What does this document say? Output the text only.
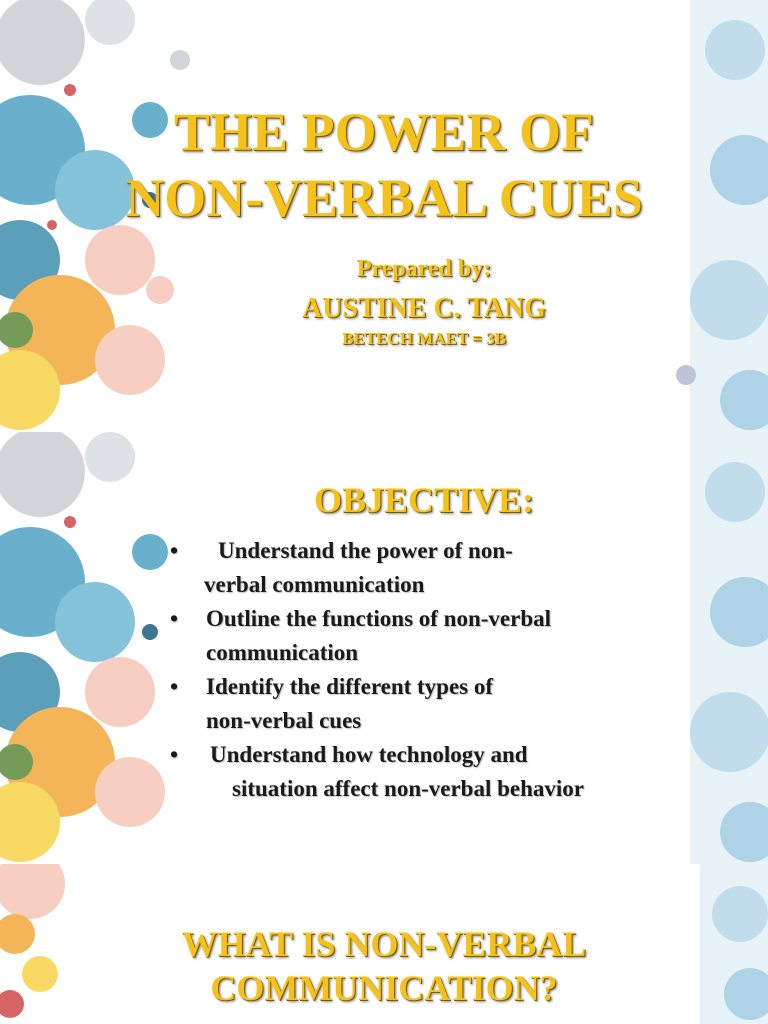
THE POWER OF
NON-VERBAL CUES
Prepared by:
AUSTINE C. TANG
BETECH MAET = 3B
OBJECTIVE:
• Understand the power of non-
verbal communication
• Outline the functions of non-verbal
communication
• Identify the different types of
non-verbal cues
• Understand how technology and
situation affect non-verbal behavior
WHAT IS NON-VERBAL
COMMUNICATION?
